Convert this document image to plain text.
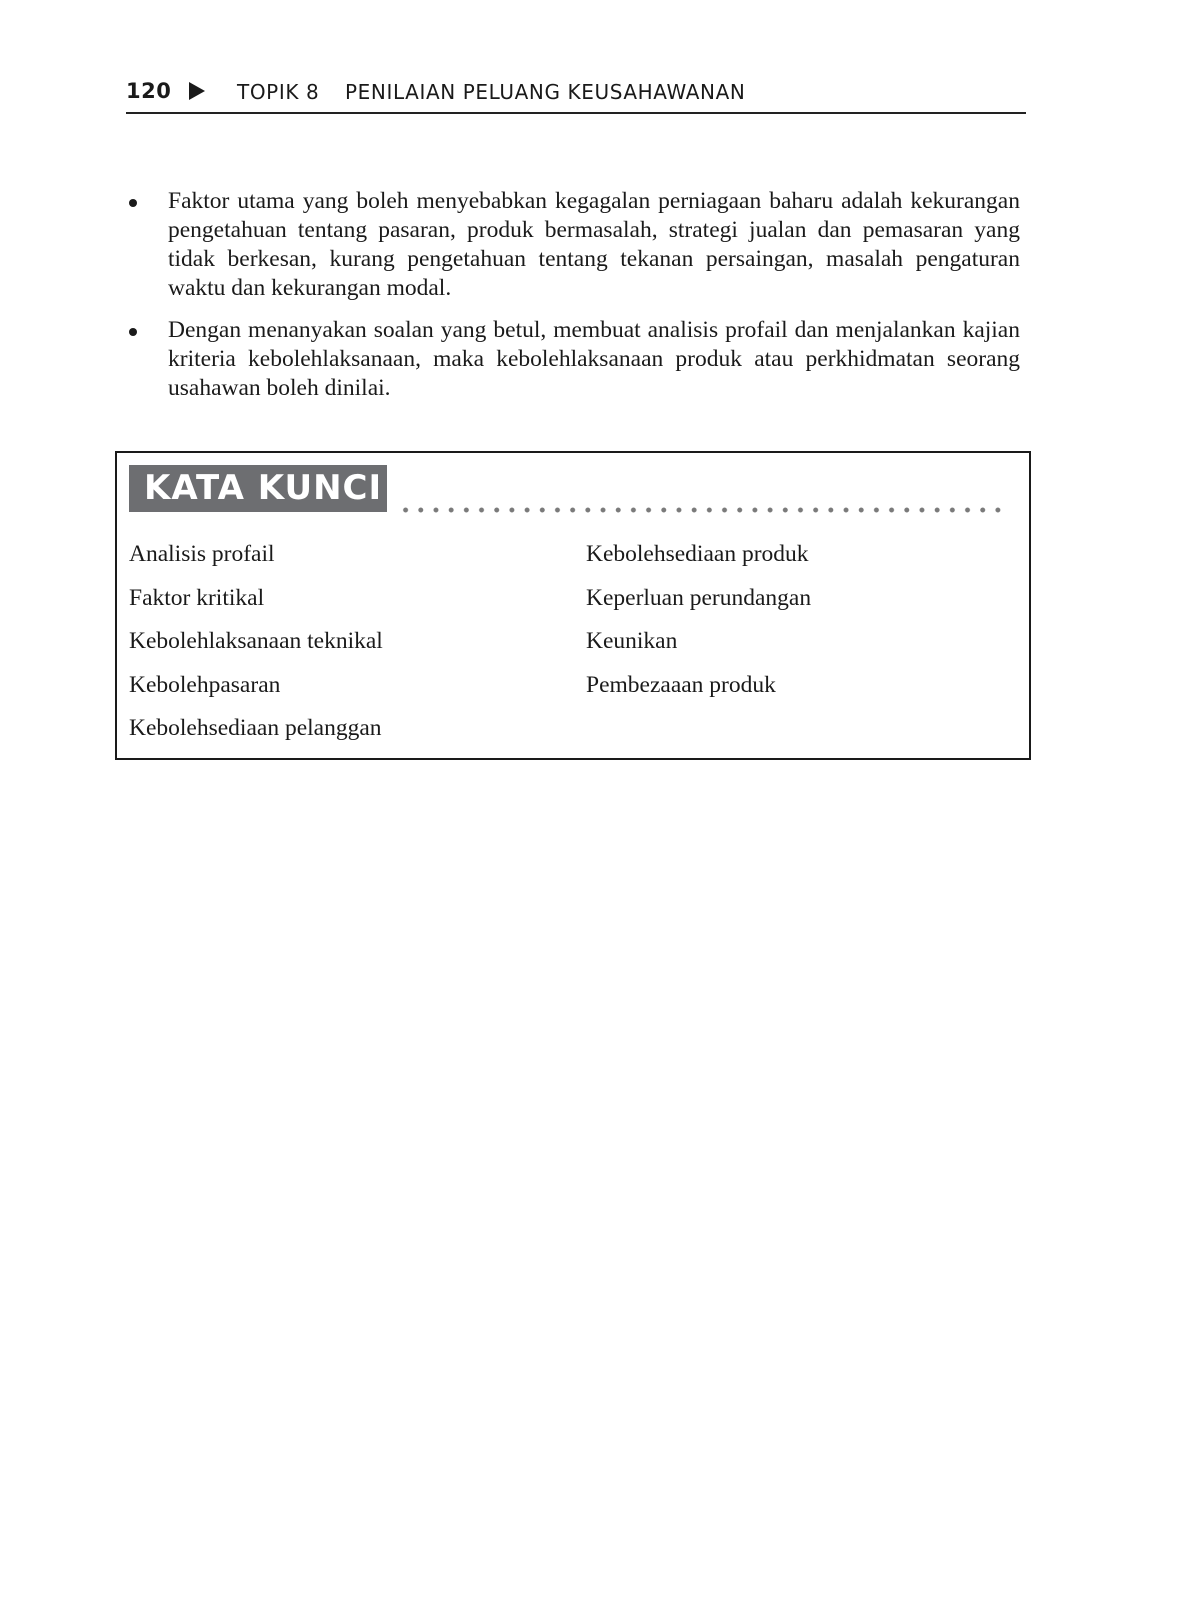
120	TOPIK 8 PENILAIAN PELUANG KEUSAHAWANAN
Faktor utama yang boleh menyebabkan kegagalan perniagaan baharu adalah kekurangan pengetahuan tentang pasaran, produk bermasalah, strategi jualan dan pemasaran yang tidak berkesan, kurang pengetahuan tentang tekanan persaingan, masalah pengaturan waktu dan kekurangan modal.
Dengan menanyakan soalan yang betul, membuat analisis profail dan menjalankan kajian kriteria kebolehlaksanaan, maka kebolehlaksanaan produk atau perkhidmatan seorang usahawan boleh dinilai.
KATA KUNCI
Analisis profail
Faktor kritikal
Kebolehlaksanaan teknikal
Kebolehpasaran
Kebolehsediaan pelanggan
Kebolehsediaan produk
Keperluan perundangan
Keunikan
Pembezaaan produk
